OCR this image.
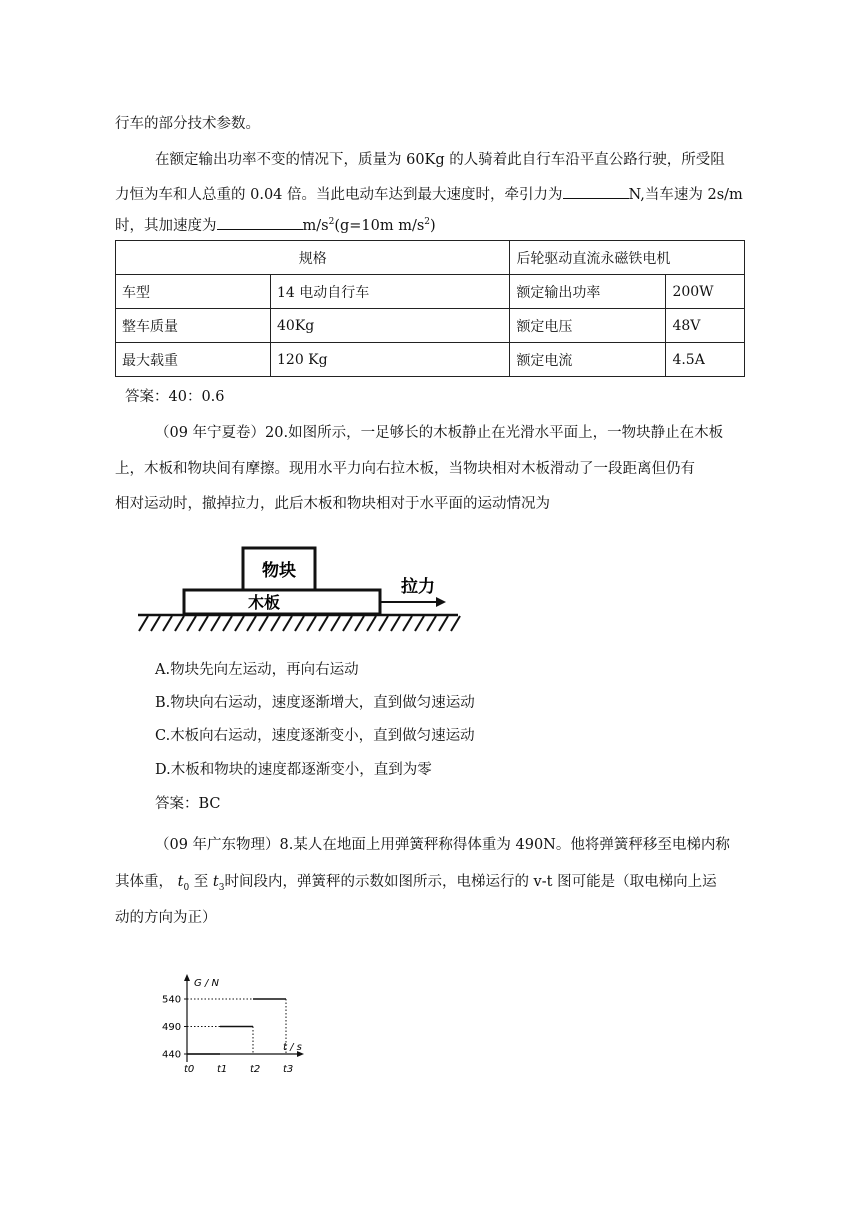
行车的部分技术参数。
在额定输出功率不变的情况下，质量为 60Kg 的人骑着此自行车沿平直公路行驶，所受阻
力恒为车和人总重的 0.04 倍。当此电动车达到最大速度时，牵引力为	N,当车速为 2s/m
时，其加速度为	$m/s^2(g=10m$ $m/s^2$)
规格		后轮驱动直流永磁铁电机	
车型	14 电动自行车	额定输出功率	200W
整车质量	40Kg	额定电压	48V
最大载重	120 Kg	额定电流	4.5A
答案：40：0.6
（09 年宁夏卷）20.如图所示，一足够长的木板静止在光滑水平面上，一物块静止在木板
上，木板和物块间有摩擦。现用水平力向右拉木板，当物块相对木板滑动了一段距离但仍有
相对运动时，撤掉拉力，此后木板和物块相对于水平面的运动情况为
物块
木板
拉力
A.物块先向左运动，再向右运动
B.物块向右运动，速度逐渐增大，直到做匀速运动
C.木板向右运动，速度逐渐变小，直到做匀速运动
D.木板和物块的速度都逐渐变小，直到为零
答案：BC
（09 年广东物理）8.某人在地面上用弹簧秤称得体重为 490N。他将弹簧秤移至电梯内称
其体重， $t_0$ 至 $t_3$时间段内，弹簧秤的示数如图所示，电梯运行的 v-t 图可能是（取电梯向上运
动的方向为正）
G / N
t / s
540
490
440
t0 t1 t2 t3
